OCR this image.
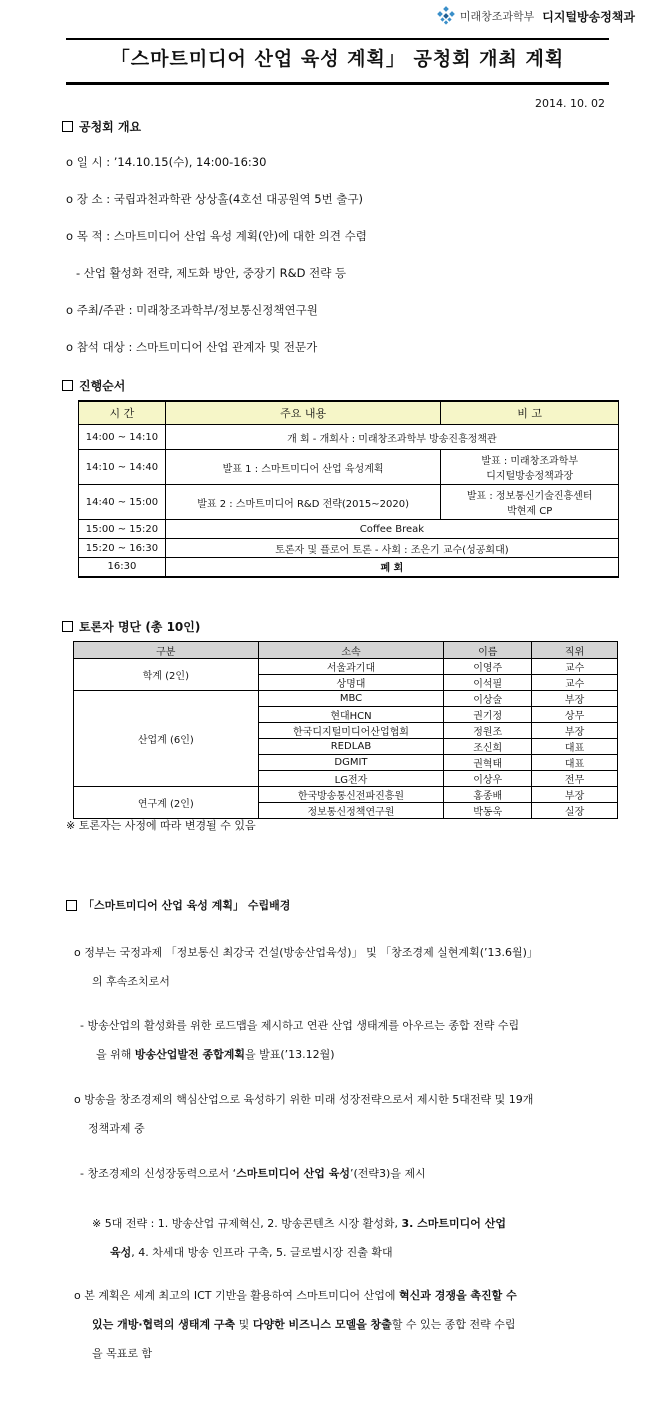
미래창조과학부 디지털방송정책과
「스마트미디어 산업 육성 계획」 공청회 개최 계획
2014. 10. 02
공청회 개요
o 일 시 : ’14.10.15(수), 14:00-16:30
o 장 소 : 국립과천과학관 상상홀(4호선 대공원역 5번 출구)
o 목 적 : 스마트미디어 산업 육성 계획(안)에 대한 의견 수렴
- 산업 활성화 전략, 제도화 방안, 중장기 R&D 전략 등
o 주최/주관 : 미래창조과학부/정보통신정책연구원
o 참석 대상 : 스마트미디어 산업 관계자 및 전문가
진행순서
시 간	주요 내용	비 고
14:00 ~ 14:10	개 회 - 개회사 : 미래창조과학부 방송진흥정책관	
14:10 ~ 14:40	발표 1 : 스마트미디어 산업 육성계획	발표 : 미래창조과학부
디지털방송정책과장

14:40 ~ 15:00	발표 2 : 스마트미디어 R&D 전략(2015~2020)	발표 : 정보통신기술진흥센터
박현제 CP

15:00 ~ 15:20	Coffee Break	
15:20 ~ 16:30	토론자 및 플로어 토론 - 사회 : 조은기 교수(성공회대)	
16:30	폐 회	
토론자 명단 (총 10인)
구분	소속	이름	직위
학계 (2인)	서울과기대	이영주	교수
	상명대	이석필	교수
산업계 (6인)	MBC	이상술	부장
	현대HCN	권기정	상무
	한국디지털미디어산업협회	정원조	부장
	REDLAB	조신희	대표
	DGMIT	권혁태	대표
	LG전자	이상우	전무
연구계 (2인)	한국방송통신전파진흥원	홍종배	부장
	정보통신정책연구원	박동욱	실장
※ 토론자는 사정에 따라 변경될 수 있음
「스마트미디어 산업 육성 계획」 수립배경
o 정부는 국정과제 「정보통신 최강국 건설(방송산업육성)」 및 「창조경제 실현계획(’13.6월)」
의 후속조치로서
- 방송산업의 활성화를 위한 로드맵을 제시하고 연관 산업 생태계를 아우르는 종합 전략 수립
을 위해 방송산업발전 종합계획을 발표(’13.12월)
o 방송을 창조경제의 핵심산업으로 육성하기 위한 미래 성장전략으로서 제시한 5대전략 및 19개
정책과제 중
- 창조경제의 신성장동력으로서 ‘스마트미디어 산업 육성’(전략3)을 제시
※ 5대 전략 : 1. 방송산업 규제혁신, 2. 방송콘텐츠 시장 활성화, 3. 스마트미디어 산업
육성, 4. 차세대 방송 인프라 구축, 5. 글로벌시장 진출 확대
o 본 계획은 세계 최고의 ICT 기반을 활용하여 스마트미디어 산업에 혁신과 경쟁을 촉진할 수
있는 개방·협력의 생태계 구축 및 다양한 비즈니스 모델을 창출할 수 있는 종합 전략 수립
을 목표로 함
